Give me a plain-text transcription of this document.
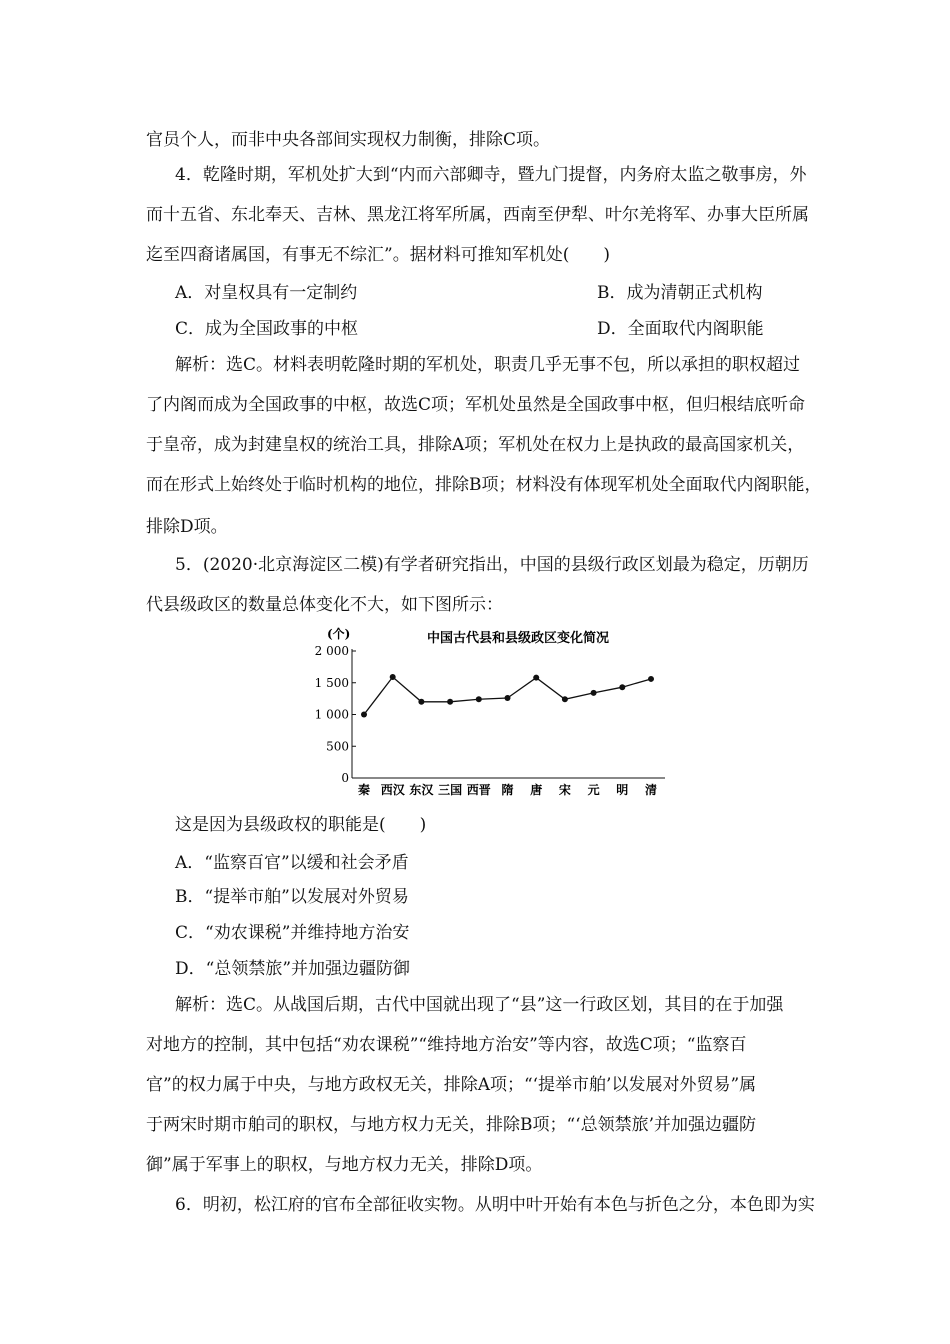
官员个人，而非中央各部间实现权力制衡，排除C项。
4．乾隆时期，军机处扩大到“内而六部卿寺，暨九门提督，内务府太监之敬事房，外
而十五省、东北奉天、吉林、黑龙江将军所属，西南至伊犁、叶尔羌将军、办事大臣所属
迄至四裔诸属国，有事无不综汇”。据材料可推知军机处(　　)
A．对皇权具有一定制约	B．成为清朝正式机构
C．成为全国政事的中枢	D．全面取代内阁职能
解析：选C。材料表明乾隆时期的军机处，职责几乎无事不包，所以承担的职权超过
了内阁而成为全国政事的中枢，故选C项；军机处虽然是全国政事中枢，但归根结底听命
于皇帝，成为封建皇权的统治工具，排除A项；军机处在权力上是执政的最高国家机关，
而在形式上始终处于临时机构的地位，排除B项；材料没有体现军机处全面取代内阁职能，
排除D项。
5．(2020·北京海淀区二模)有学者研究指出，中国的县级行政区划最为稳定，历朝历
代县级政区的数量总体变化不大，如下图所示：
(个)	中国古代县和县级政区变化简况
0
500
1 000
1 500
2 000
秦 西汉 东汉 三国 西晋 隋 唐 宋 元 明 清
这是因为县级政权的职能是(　　)
A．“监察百官”以缓和社会矛盾
B．“提举市舶”以发展对外贸易
C．“劝农课税”并维持地方治安
D．“总领禁旅”并加强边疆防御
解析：选C。从战国后期，古代中国就出现了“县”这一行政区划，其目的在于加强
对地方的控制，其中包括“劝农课税”“维持地方治安”等内容，故选C项；“监察百
官”的权力属于中央，与地方政权无关，排除A项；“‘提举市舶’以发展对外贸易”属
于两宋时期市舶司的职权，与地方权力无关，排除B项；“‘总领禁旅’并加强边疆防
御”属于军事上的职权，与地方权力无关，排除D项。
6．明初，松江府的官布全部征收实物。从明中叶开始有本色与折色之分，本色即为实
